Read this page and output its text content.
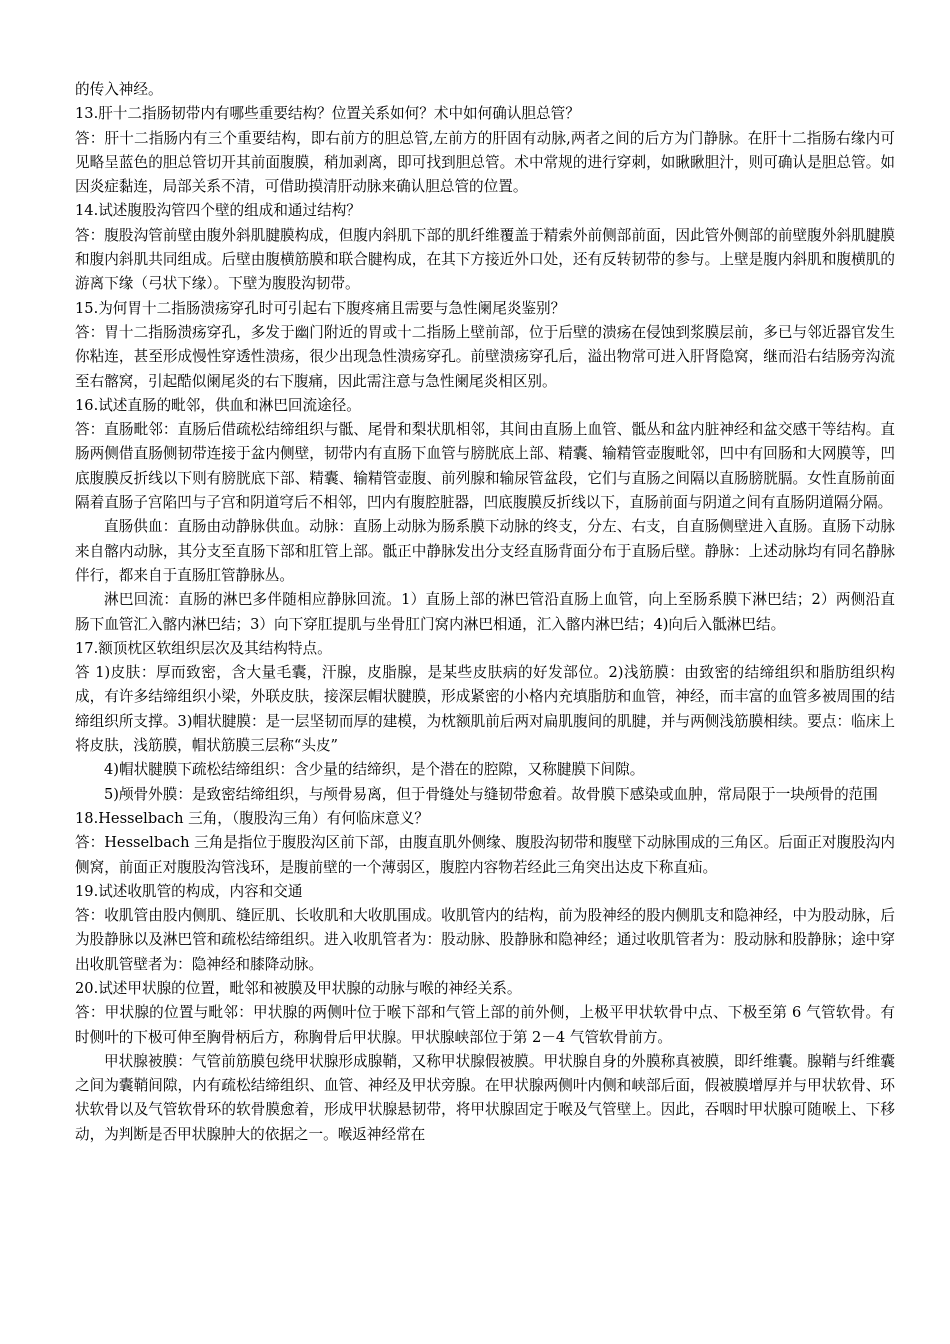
的传入神经。

13.肝十二指肠韧带内有哪些重要结构？位置关系如何？术中如何确认胆总管？

答：肝十二指肠内有三个重要结构，即右前方的胆总管,左前方的肝固有动脉,两者之间的后方为门静脉。在肝十二指肠右缘内可见略呈蓝色的胆总管切开其前面腹膜，稍加剥离，即可找到胆总管。术中常规的进行穿刺，如瞅瞅胆汁，则可确认是胆总管。如因炎症黏连，局部关系不清，可借助摸清肝动脉来确认胆总管的位置。

14.试述腹股沟管四个壁的组成和通过结构？

答：腹股沟管前壁由腹外斜肌腱膜构成，但腹内斜肌下部的肌纤维覆盖于精索外前侧部前面，因此管外侧部的前壁腹外斜肌腱膜和腹内斜肌共同组成。后壁由腹横筋膜和联合腱构成，在其下方接近外口处，还有反转韧带的参与。上壁是腹内斜肌和腹横肌的游离下缘（弓状下缘）。下壁为腹股沟韧带。

15.为何胃十二指肠溃疡穿孔时可引起右下腹疼痛且需要与急性阑尾炎鉴别？

答：胃十二指肠溃疡穿孔，多发于幽门附近的胃或十二指肠上壁前部，位于后壁的溃疡在侵蚀到浆膜层前，多已与邻近器官发生你粘连，甚至形成慢性穿透性溃疡，很少出现急性溃疡穿孔。前壁溃疡穿孔后，溢出物常可进入肝肾隐窝，继而沿右结肠旁沟流至右髂窝，引起酷似阑尾炎的右下腹痛，因此需注意与急性阑尾炎相区别。

16.试述直肠的毗邻，供血和淋巴回流途径。

答：直肠毗邻：直肠后借疏松结缔组织与骶、尾骨和梨状肌相邻，其间由直肠上血管、骶丛和盆内脏神经和盆交感干等结构。直肠两侧借直肠侧韧带连接于盆内侧壁，韧带内有直肠下血管与膀胱底上部、精囊、输精管壶腹毗邻，凹中有回肠和大网膜等，凹底腹膜反折线以下则有膀胱底下部、精囊、输精管壶腹、前列腺和输尿管盆段，它们与直肠之间隔以直肠膀胱膈。女性直肠前面隔着直肠子宫陷凹与子宫和阴道穹后不相邻，凹内有腹腔脏器，凹底腹膜反折线以下，直肠前面与阴道之间有直肠阴道隔分隔。

直肠供血：直肠由动静脉供血。动脉：直肠上动脉为肠系膜下动脉的终支，分左、右支，自直肠侧壁进入直肠。直肠下动脉来自髂内动脉，其分支至直肠下部和肛管上部。骶正中静脉发出分支经直肠背面分布于直肠后壁。静脉：上述动脉均有同名静脉伴行，都来自于直肠肛管静脉丛。

淋巴回流：直肠的淋巴多伴随相应静脉回流。1）直肠上部的淋巴管沿直肠上血管，向上至肠系膜下淋巴结；2）两侧沿直肠下血管汇入髂内淋巴结；3）向下穿肛提肌与坐骨肛门窝内淋巴相通，汇入髂内淋巴结；4)向后入骶淋巴结。

17.额顶枕区软组织层次及其结构特点。

答 1)皮肤：厚而致密，含大量毛囊，汗腺，皮脂腺，是某些皮肤病的好发部位。2)浅筋膜：由致密的结缔组织和脂肪组织构成，有许多结缔组织小梁，外联皮肤，接深层帽状腱膜，形成紧密的小格内充填脂肪和血管，神经，而丰富的血管多被周围的结缔组织所支撑。3)帽状腱膜：是一层坚韧而厚的建模，为枕额肌前后两对扁肌腹间的肌腱，并与两侧浅筋膜相续。要点：临床上将皮肤，浅筋膜，帽状筋膜三层称“头皮”

4)帽状腱膜下疏松结缔组织：含少量的结缔织，是个潜在的腔隙，又称腱膜下间隙。

5)颅骨外膜：是致密结缔组织，与颅骨易离，但于骨缝处与缝韧带愈着。故骨膜下感染或血肿，常局限于一块颅骨的范围

18.Hesselbach 三角，（腹股沟三角）有何临床意义？

答：Hesselbach 三角是指位于腹股沟区前下部，由腹直肌外侧缘、腹股沟韧带和腹壁下动脉围成的三角区。后面正对腹股沟内侧窝，前面正对腹股沟管浅环，是腹前壁的一个薄弱区，腹腔内容物若经此三角突出达皮下称直疝。

19.试述收肌管的构成，内容和交通

答：收肌管由股内侧肌、缝匠肌、长收肌和大收肌围成。收肌管内的结构，前为股神经的股内侧肌支和隐神经，中为股动脉，后为股静脉以及淋巴管和疏松结缔组织。进入收肌管者为：股动脉、股静脉和隐神经；通过收肌管者为：股动脉和股静脉；途中穿出收肌管壁者为：隐神经和膝降动脉。

20.试述甲状腺的位置，毗邻和被膜及甲状腺的动脉与喉的神经关系。

答：甲状腺的位置与毗邻：甲状腺的两侧叶位于喉下部和气管上部的前外侧，上极平甲状软骨中点、下极至第 6 气管软骨。有时侧叶的下极可伸至胸骨柄后方，称胸骨后甲状腺。甲状腺峡部位于第 2－4 气管软骨前方。

甲状腺被膜：气管前筋膜包绕甲状腺形成腺鞘，又称甲状腺假被膜。甲状腺自身的外膜称真被膜，即纤维囊。腺鞘与纤维囊之间为囊鞘间隙，内有疏松结缔组织、血管、神经及甲状旁腺。在甲状腺两侧叶内侧和峡部后面，假被膜增厚并与甲状软骨、环状软骨以及气管软骨环的软骨膜愈着，形成甲状腺悬韧带，将甲状腺固定于喉及气管壁上。因此，吞咽时甲状腺可随喉上、下移动，为判断是否甲状腺肿大的依据之一。喉返神经常在
